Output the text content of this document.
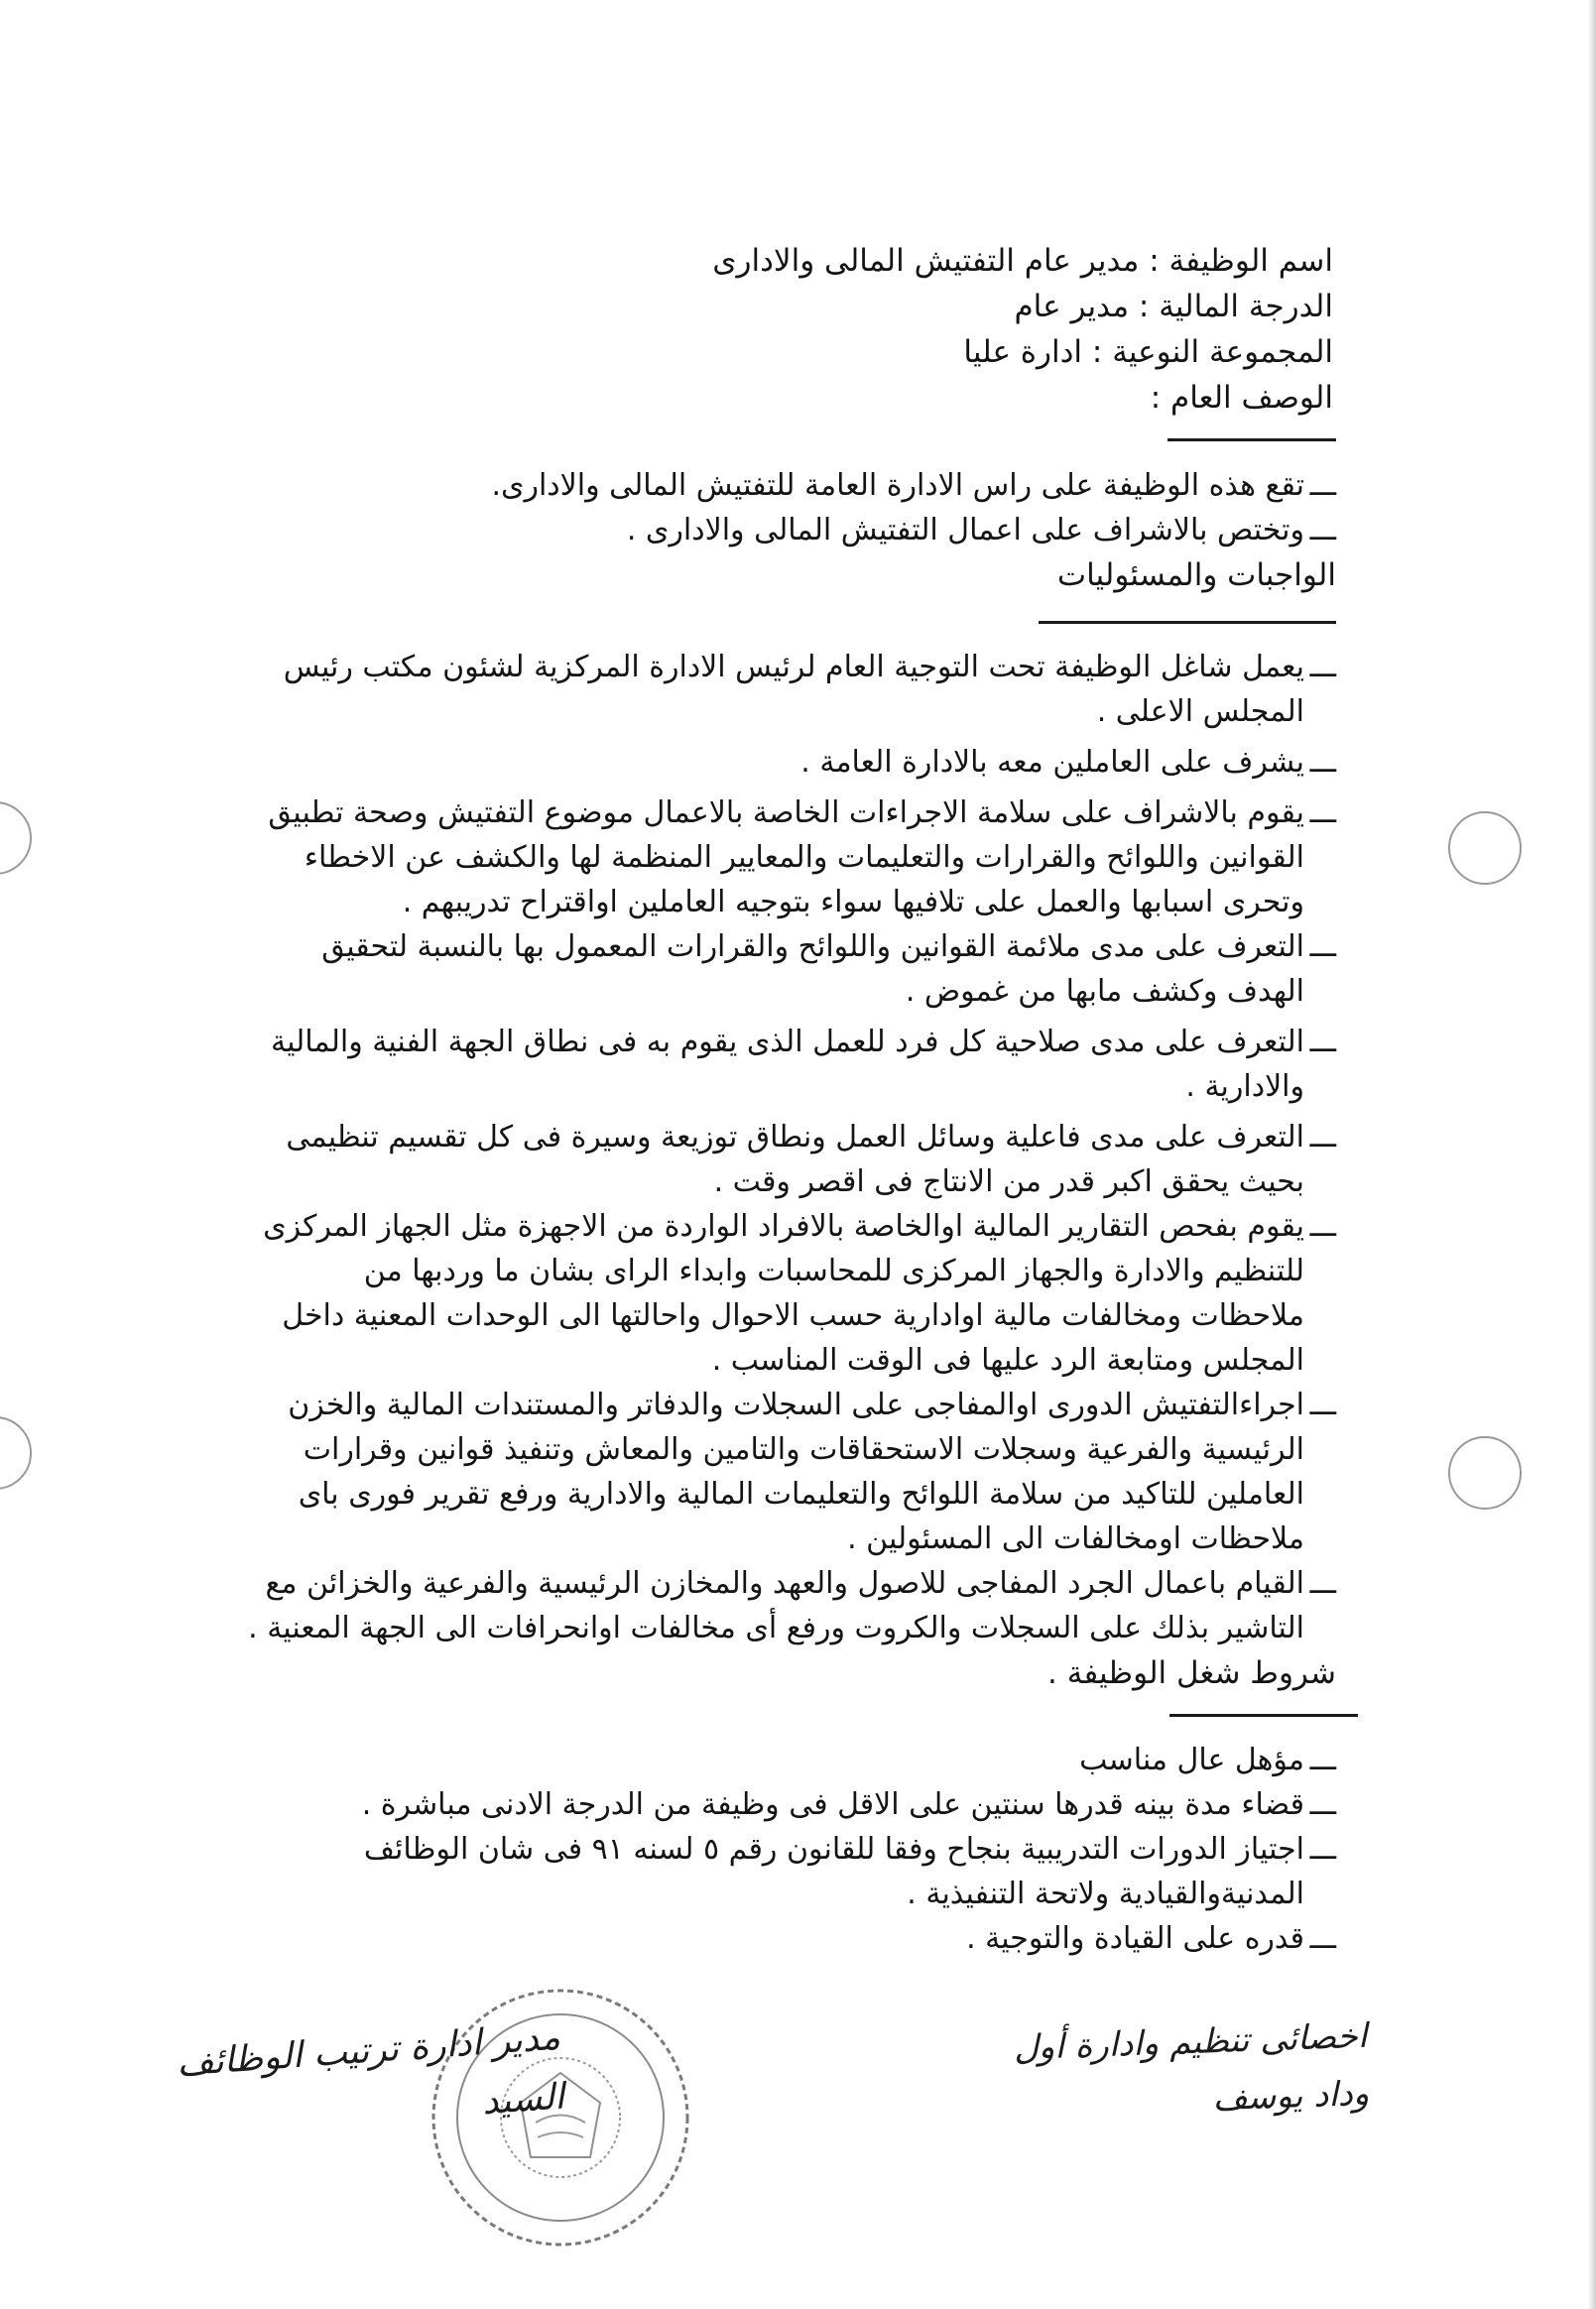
اسم الوظيفة : مدير عام التفتيش المالى والادارى
الدرجة المالية : مدير عام
المجموعة النوعية : ادارة عليا
الوصف العام :
ـــ
تقع هذه الوظيفة على راس الادارة العامة للتفتيش المالى والادارى.
ـــ
وتختص بالاشراف على اعمال التفتيش المالى والادارى .
الواجبات والمسئوليات
ـــ
يعمل شاغل الوظيفة تحت التوجية العام لرئيس الادارة المركزية لشئون مكتب رئيس المجلس الاعلى .
ـــ
يشرف على العاملين معه بالادارة العامة .
ـــ
يقوم بالاشراف على سلامة الاجراءات الخاصة بالاعمال موضوع التفتيش وصحة تطبيق القوانين واللوائح والقرارات والتعليمات والمعايير المنظمة لها والكشف عن الاخطاء وتحرى اسبابها والعمل على تلافيها سواء بتوجيه العاملين اواقتراح تدريبهم .
ـــ
التعرف على مدى ملائمة القوانين واللوائح والقرارات المعمول بها بالنسبة لتحقيق الهدف وكشف مابها من غموض .
ـــ
التعرف على مدى صلاحية كل فرد للعمل الذى يقوم به فى نطاق الجهة الفنية والمالية والادارية .
ـــ
التعرف على مدى فاعلية وسائل العمل ونطاق توزيعة وسيرة فى كل تقسيم تنظيمى بحيث يحقق اكبر قدر من الانتاج فى اقصر وقت .
ـــ
يقوم بفحص التقارير المالية اوالخاصة بالافراد الواردة من الاجهزة مثل الجهاز المركزى للتنظيم والادارة والجهاز المركزى للمحاسبات وابداء الراى بشان ما وردبها من ملاحظات ومخالفات مالية اوادارية حسب الاحوال واحالتها الى الوحدات المعنية داخل المجلس ومتابعة الرد عليها فى الوقت المناسب .
ـــ
اجراءالتفتيش الدورى اوالمفاجى على السجلات والدفاتر والمستندات المالية والخزن الرئيسية والفرعية وسجلات الاستحقاقات والتامين والمعاش وتنفيذ قوانين وقرارات العاملين للتاكيد من سلامة اللوائح والتعليمات المالية والادارية ورفع تقرير فورى باى ملاحظات اومخالفات الى المسئولين .
ـــ
القيام باعمال الجرد المفاجى للاصول والعهد والمخازن الرئيسية والفرعية والخزائن مع التاشير بذلك على السجلات والكروت ورفع أى مخالفات اوانحرافات الى الجهة المعنية .
شروط شغل الوظيفة .
ـــ
مؤهل عال مناسب
ـــ
قضاء مدة بينه قدرها سنتين على الاقل فى وظيفة من الدرجة الادنى مباشرة .
ـــ
اجتياز الدورات التدريبية بنجاح وفقا للقانون رقم ٥ لسنه ٩١ فى شان الوظائف المدنيةوالقيادية ولاتحة التنفيذية .
ـــ
قدره على القيادة والتوجية .
اخصائى تنظيم وادارة أول
وداد يوسف
مدير ادارة ترتيب الوظائف
السيد
